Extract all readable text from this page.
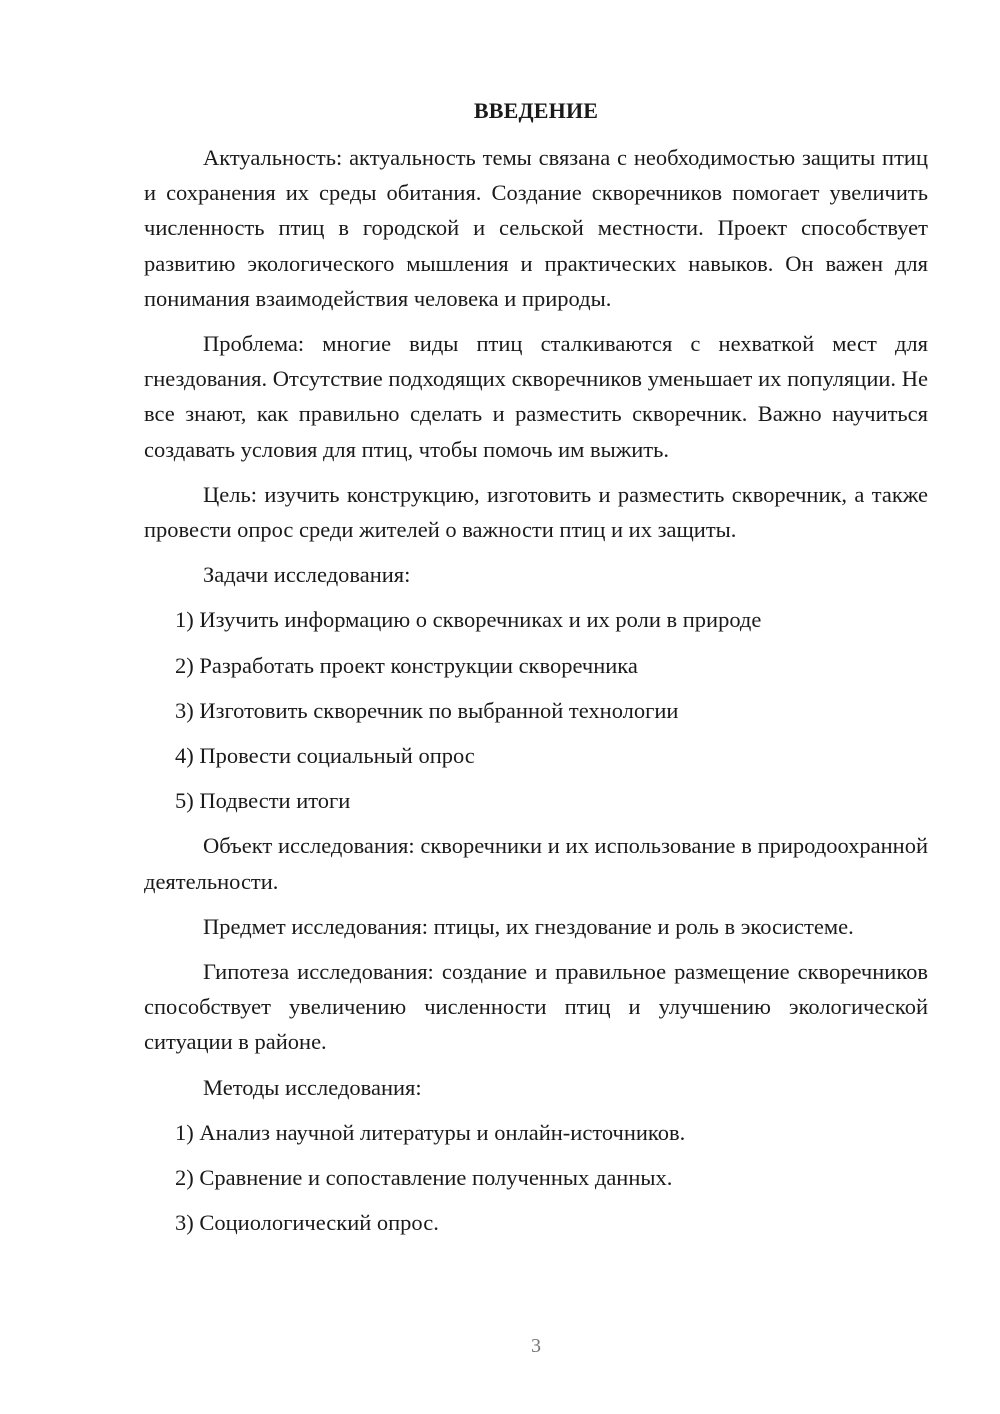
ВВЕДЕНИЕ

Актуальность: актуальность темы связана с необходимостью защиты птиц и сохранения их среды обитания. Создание скворечников помогает увеличить численность птиц в городской и сельской местности. Проект способствует развитию экологического мышления и практических навыков. Он важен для понимания взаимодействия человека и природы.

Проблема: многие виды птиц сталкиваются с нехваткой мест для гнездования. Отсутствие подходящих скворечников уменьшает их популяции. Не все знают, как правильно сделать и разместить скворечник. Важно научиться создавать условия для птиц, чтобы помочь им выжить.

Цель: изучить конструкцию, изготовить и разместить скворечник, а также провести опрос среди жителей о важности птиц и их защиты.

Задачи исследования:

1) Изучить информацию о скворечниках и их роли в природе

2) Разработать проект конструкции скворечника

3) Изготовить скворечник по выбранной технологии

4) Провести социальный опрос

5) Подвести итоги

Объект исследования: скворечники и их использование в природоохранной деятельности.

Предмет исследования: птицы, их гнездование и роль в экосистеме.

Гипотеза исследования: создание и правильное размещение скворечников способствует увеличению численности птиц и улучшению экологической ситуации в районе.

Методы исследования:

1) Анализ научной литературы и онлайн-источников.

2) Сравнение и сопоставление полученных данных.

3) Социологический опрос.

3
